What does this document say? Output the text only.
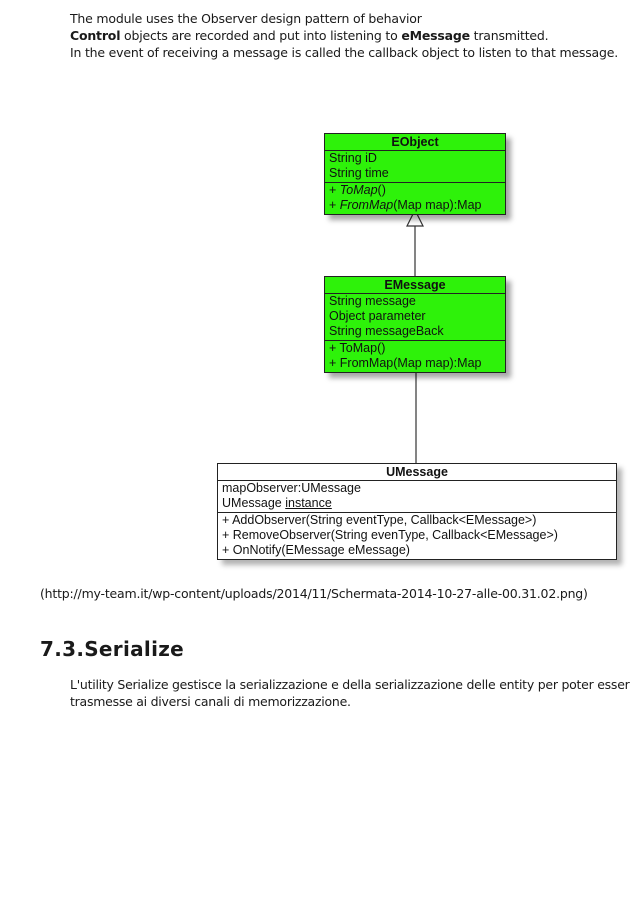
The module uses the Observer design pattern of behavior

Control objects are recorded and put into listening to eMessage transmitted.

In the event of receiving a message is called the callback object to listen to that message.

EObject
String iD
String time
+ ToMap()
+ FromMap(Map map):Map
EMessage
String message
Object parameter
String messageBack
+ ToMap()
+ FromMap(Map map):Map
UMessage
mapObserver:UMessage
UMessage instance
+ AddObserver(String eventType, Callback<EMessage>)
+ RemoveObserver(String evenType, Callback<EMessage>)
+ OnNotify(EMessage eMessage)
(http://my-team.it/wp-content/uploads/2014/11/Schermata-2014-10-27-alle-00.31.02.png)
7.3.Serialize

L'utility Serialize gestisce la serializzazione e della serializzazione delle entity per poter esser

trasmesse ai diversi canali di memorizzazione.
